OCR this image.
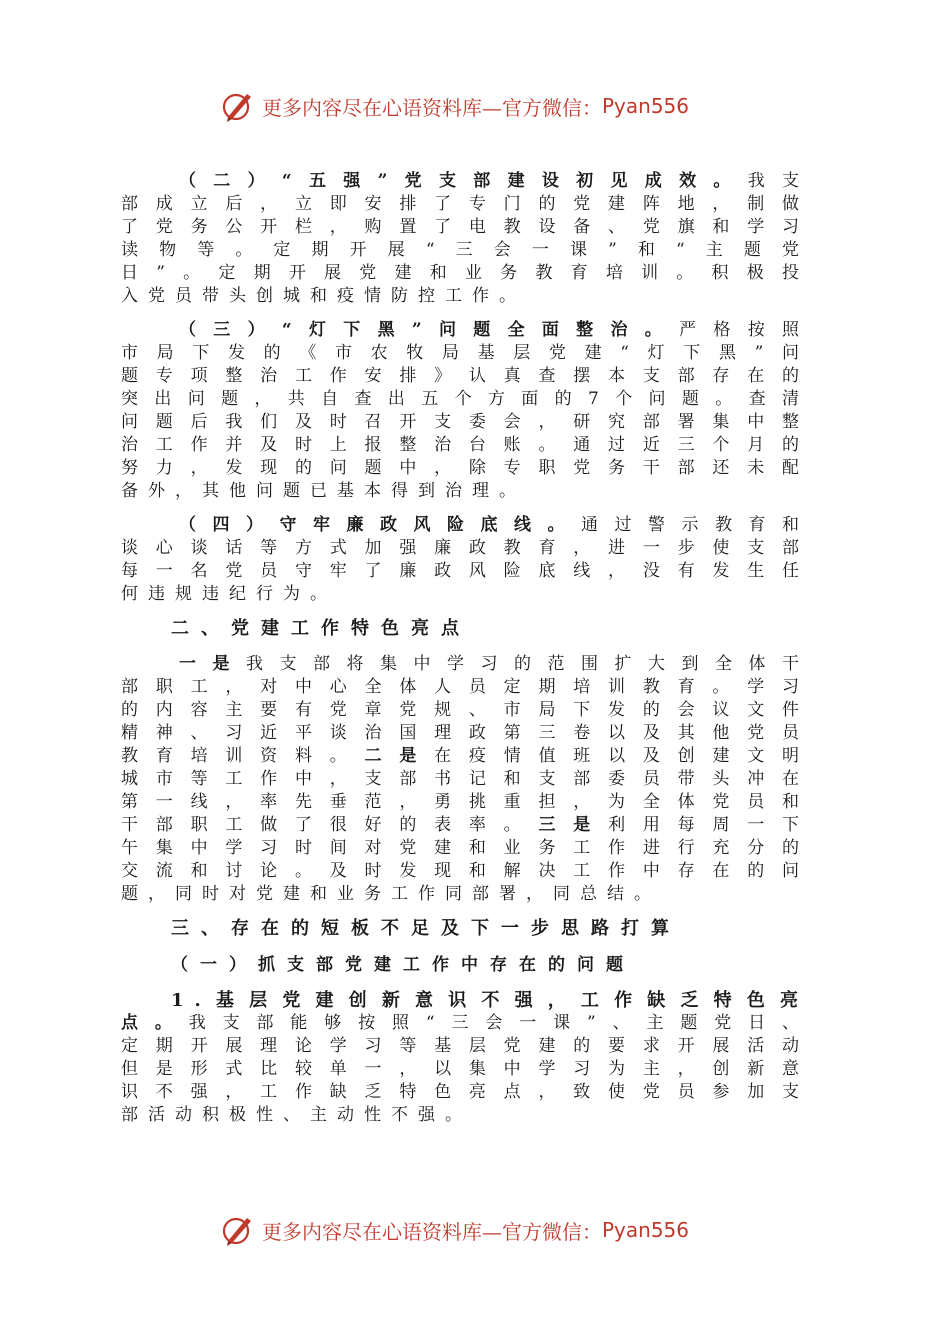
更多内容尽在心语资料库—官方微信： Pyan556
（二）“五强”党支部建设初见成效。我支
部成立后，立即安排了专门的党建阵地，制做
了党务公开栏，购置了电教设备、党旗和学习
读物等。定期开展“三会一课”和“主题党
日”。定期开展党建和业务教育培训。积极投
入党员带头创城和疫情防控工作。
（三）“灯下黑”问题全面整治。严格按照
市局下发的《市农牧局基层党建“灯下黑”问
题专项整治工作安排》认真查摆本支部存在的
突出问题，共自查出五个方面的7个问题。查清
问题后我们及时召开支委会，研究部署集中整
治工作并及时上报整治台账。通过近三个月的
努力，发现的问题中，除专职党务干部还未配
备外，其他问题已基本得到治理。
（四）守牢廉政风险底线。通过警示教育和
谈心谈话等方式加强廉政教育，进一步使支部
每一名党员守牢了廉政风险底线，没有发生任
何违规违纪行为。
二、党建工作特色亮点
一是我支部将集中学习的范围扩大到全体干
部职工，对中心全体人员定期培训教育。学习
的内容主要有党章党规、市局下发的会议文件
精神、习近平谈治国理政第三卷以及其他党员
教育培训资料。二是在疫情值班以及创建文明
城市等工作中，支部书记和支部委员带头冲在
第一线，率先垂范，勇挑重担，为全体党员和
干部职工做了很好的表率。三是利用每周一下
午集中学习时间对党建和业务工作进行充分的
交流和讨论。及时发现和解决工作中存在的问
题，同时对党建和业务工作同部署，同总结。
三、存在的短板不足及下一步思路打算
（一）抓支部党建工作中存在的问题
1.基层党建创新意识不强，工作缺乏特色亮
点。我支部能够按照“三会一课”、主题党日、
定期开展理论学习等基层党建的要求开展活动
但是形式比较单一，以集中学习为主，创新意
识不强，工作缺乏特色亮点，致使党员参加支
部活动积极性、主动性不强。
更多内容尽在心语资料库—官方微信： Pyan556
